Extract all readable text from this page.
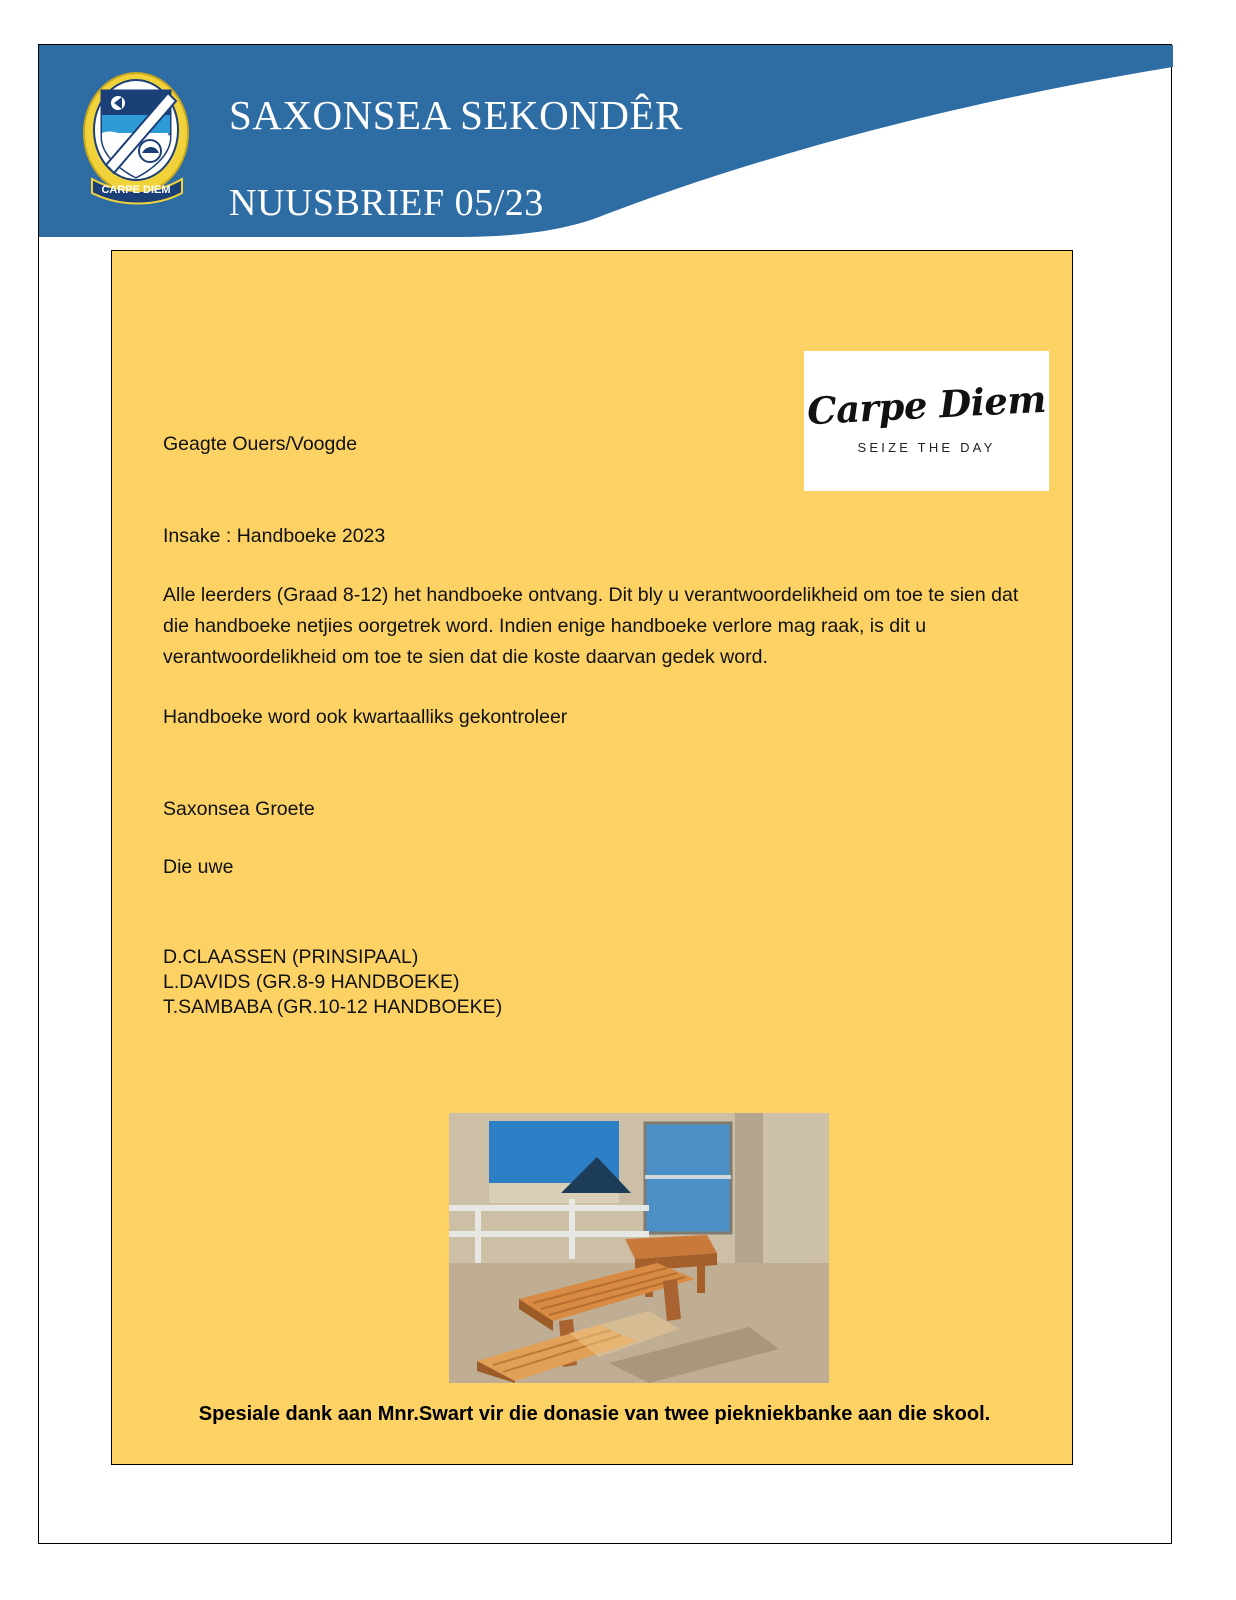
SAXONSEA SEKONDÊR
NUUSBRIEF 05/23
CARPE DIEM
Carpe Diem
SEIZE THE DAY
Geagte Ouers/Voogde
Insake : Handboeke 2023
Alle leerders (Graad 8-12) het handboeke ontvang. Dit bly u verantwoordelikheid om toe te sien dat die handboeke netjies oorgetrek word. Indien enige handboeke verlore mag raak, is dit u verantwoordelikheid om toe te sien dat die koste daarvan gedek word.
Handboeke word ook kwartaalliks gekontroleer
Saxonsea Groete
Die uwe
D.CLAASSEN (PRINSIPAAL)
L.DAVIDS (GR.8-9 HANDBOEKE)
T.SAMBABA (GR.10-12 HANDBOEKE)
Spesiale dank aan Mnr.Swart vir die donasie van twee piekniekbanke aan die skool.
